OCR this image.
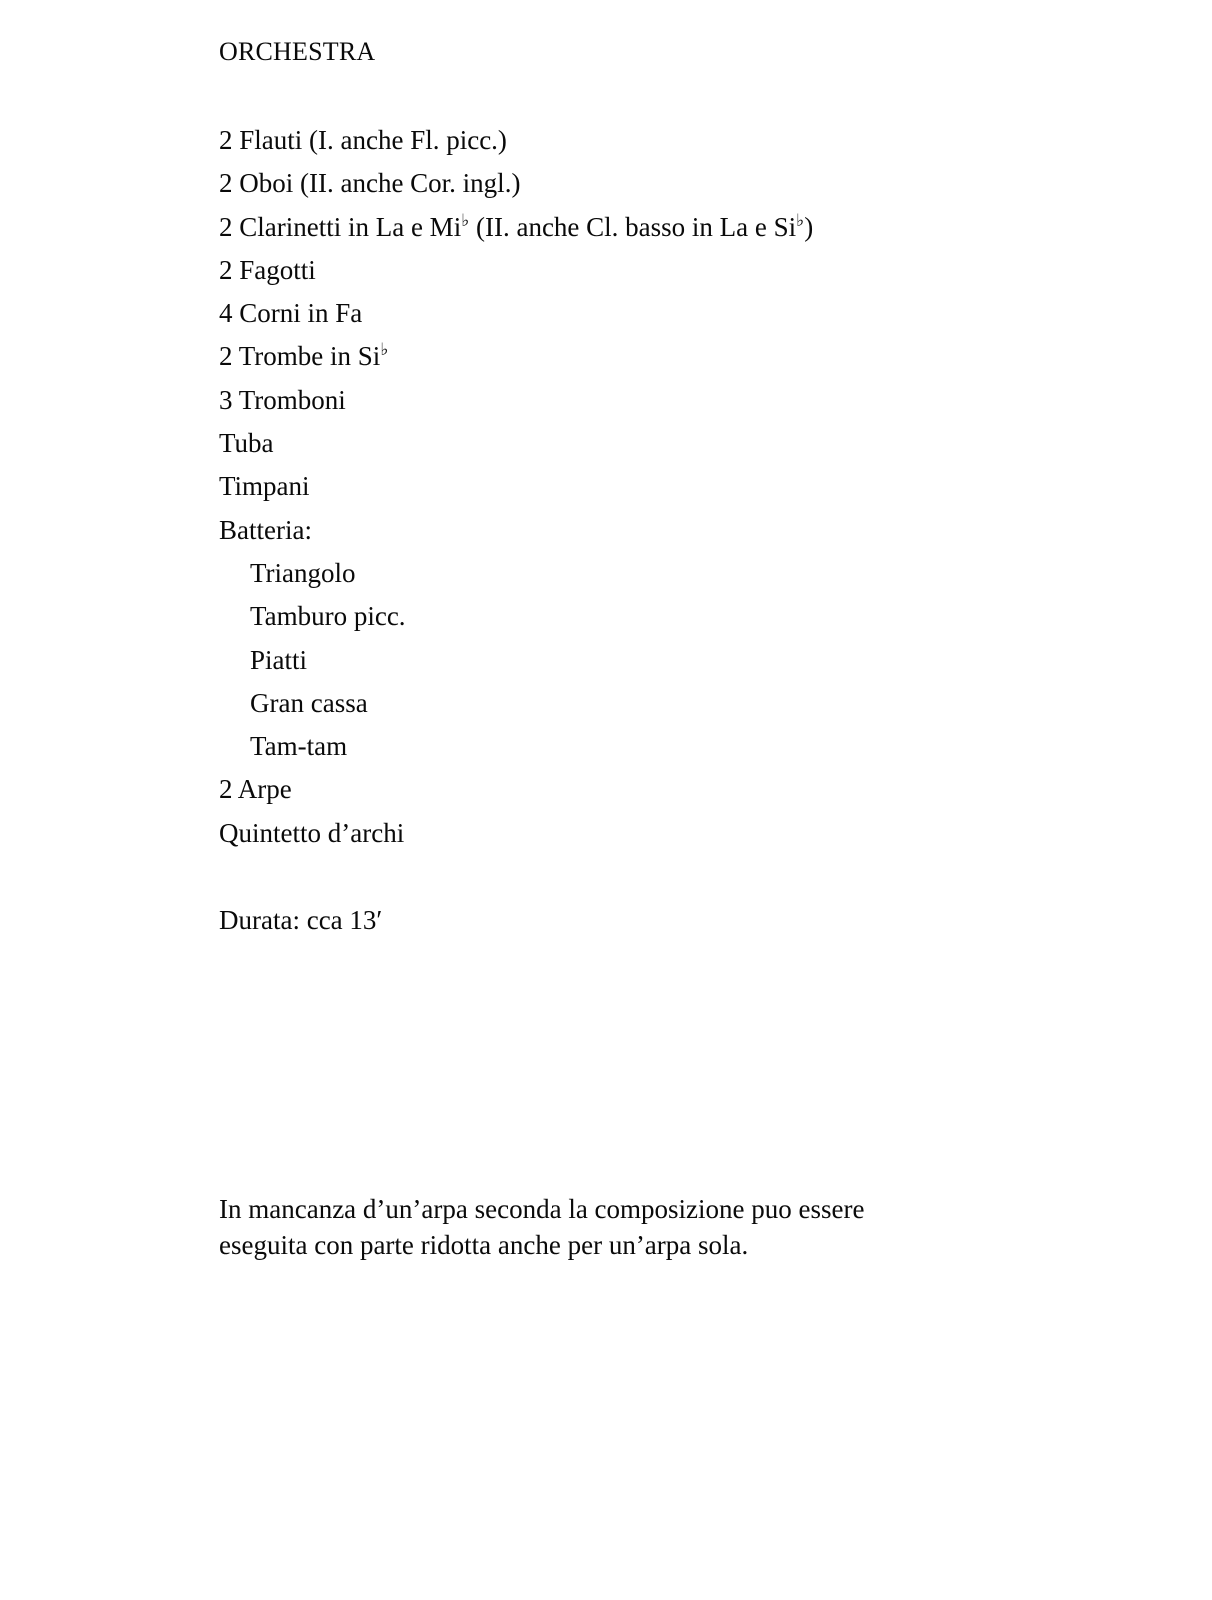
ORCHESTRA
2 Flauti (I. anche Fl. picc.)
2 Oboi (II. anche Cor. ingl.)
2 Clarinetti in La e Mi♭ (II. anche Cl. basso in La e Si♭)
2 Fagotti
4 Corni in Fa
2 Trombe in Si♭
3 Tromboni
Tuba
Timpani
Batteria:
Triangolo
Tamburo picc.
Piatti
Gran cassa
Tam-tam
2 Arpe
Quintetto d’archi
Durata: cca 13′

In mancanza d’un’arpa seconda la composizione puo essere
eseguita con parte ridotta anche per un’arpa sola.
